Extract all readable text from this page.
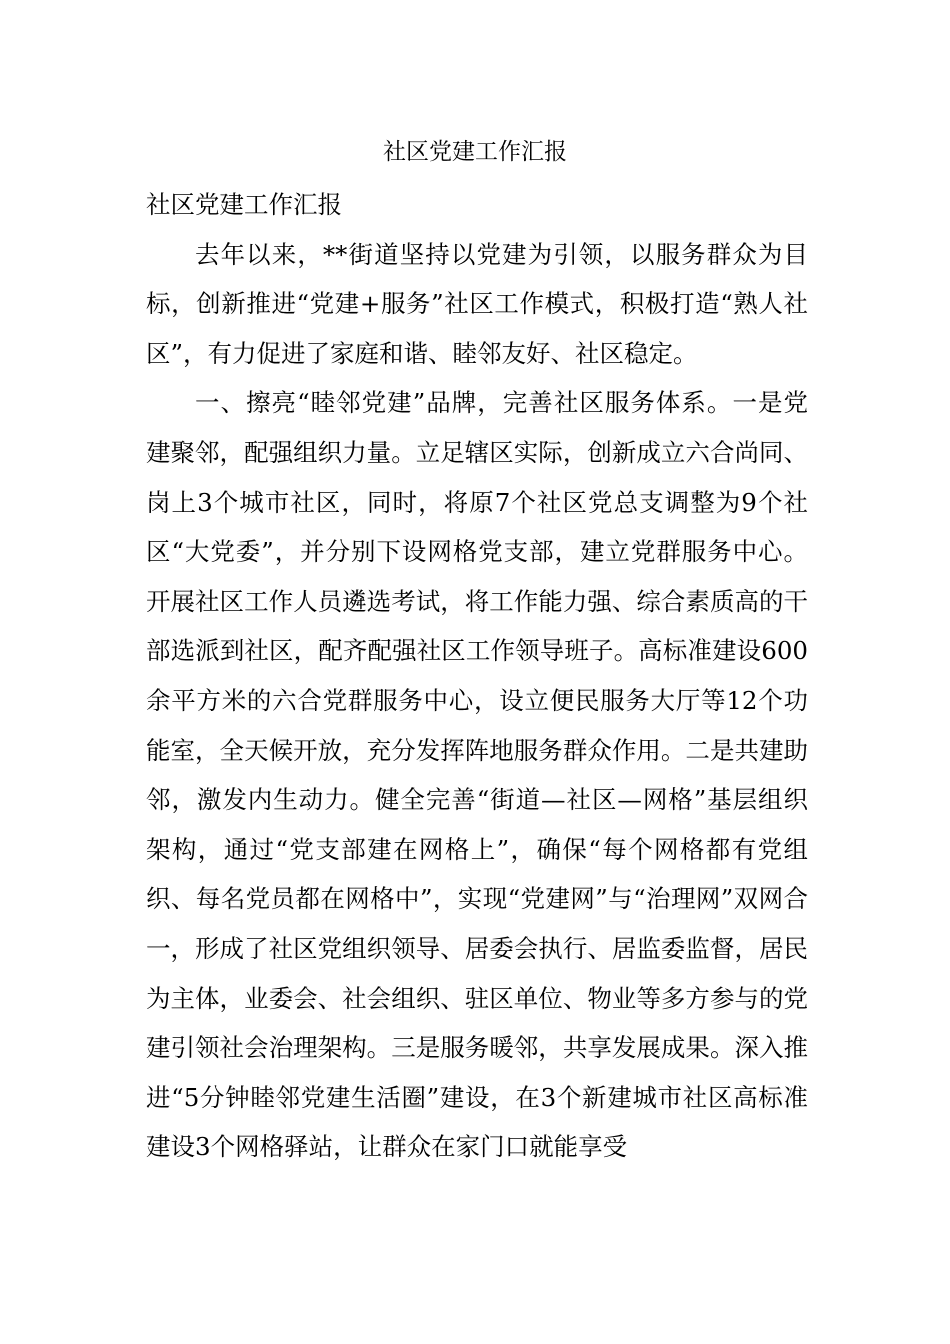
社区党建工作汇报

社区党建工作汇报

去年以来，**街道坚持以党建为引领，以服务群众为目标，创新推进“党建+服务”社区工作模式，积极打造“熟人社区”，有力促进了家庭和谐、睦邻友好、社区稳定。

一、擦亮“睦邻党建”品牌，完善社区服务体系。一是党建聚邻，配强组织力量。立足辖区实际，创新成立六合尚同、岗上3个城市社区，同时，将原7个社区党总支调整为9个社区“大党委”，并分别下设网格党支部，建立党群服务中心。开展社区工作人员遴选考试，将工作能力强、综合素质高的干部选派到社区，配齐配强社区工作领导班子。高标准建设600余平方米的六合党群服务中心，设立便民服务大厅等12个功能室，全天候开放，充分发挥阵地服务群众作用。二是共建助邻，激发内生动力。健全完善“街道—社区—网格”基层组织架构，通过“党支部建在网格上”，确保“每个网格都有党组织、每名党员都在网格中”，实现“党建网”与“治理网”双网合一，形成了社区党组织领导、居委会执行、居监委监督，居民为主体，业委会、社会组织、驻区单位、物业等多方参与的党建引领社会治理架构。三是服务暖邻，共享发展成果。深入推进“5分钟睦邻党建生活圈”建设，在3个新建城市社区高标准建设3个网格驿站，让群众在家门口就能享受
